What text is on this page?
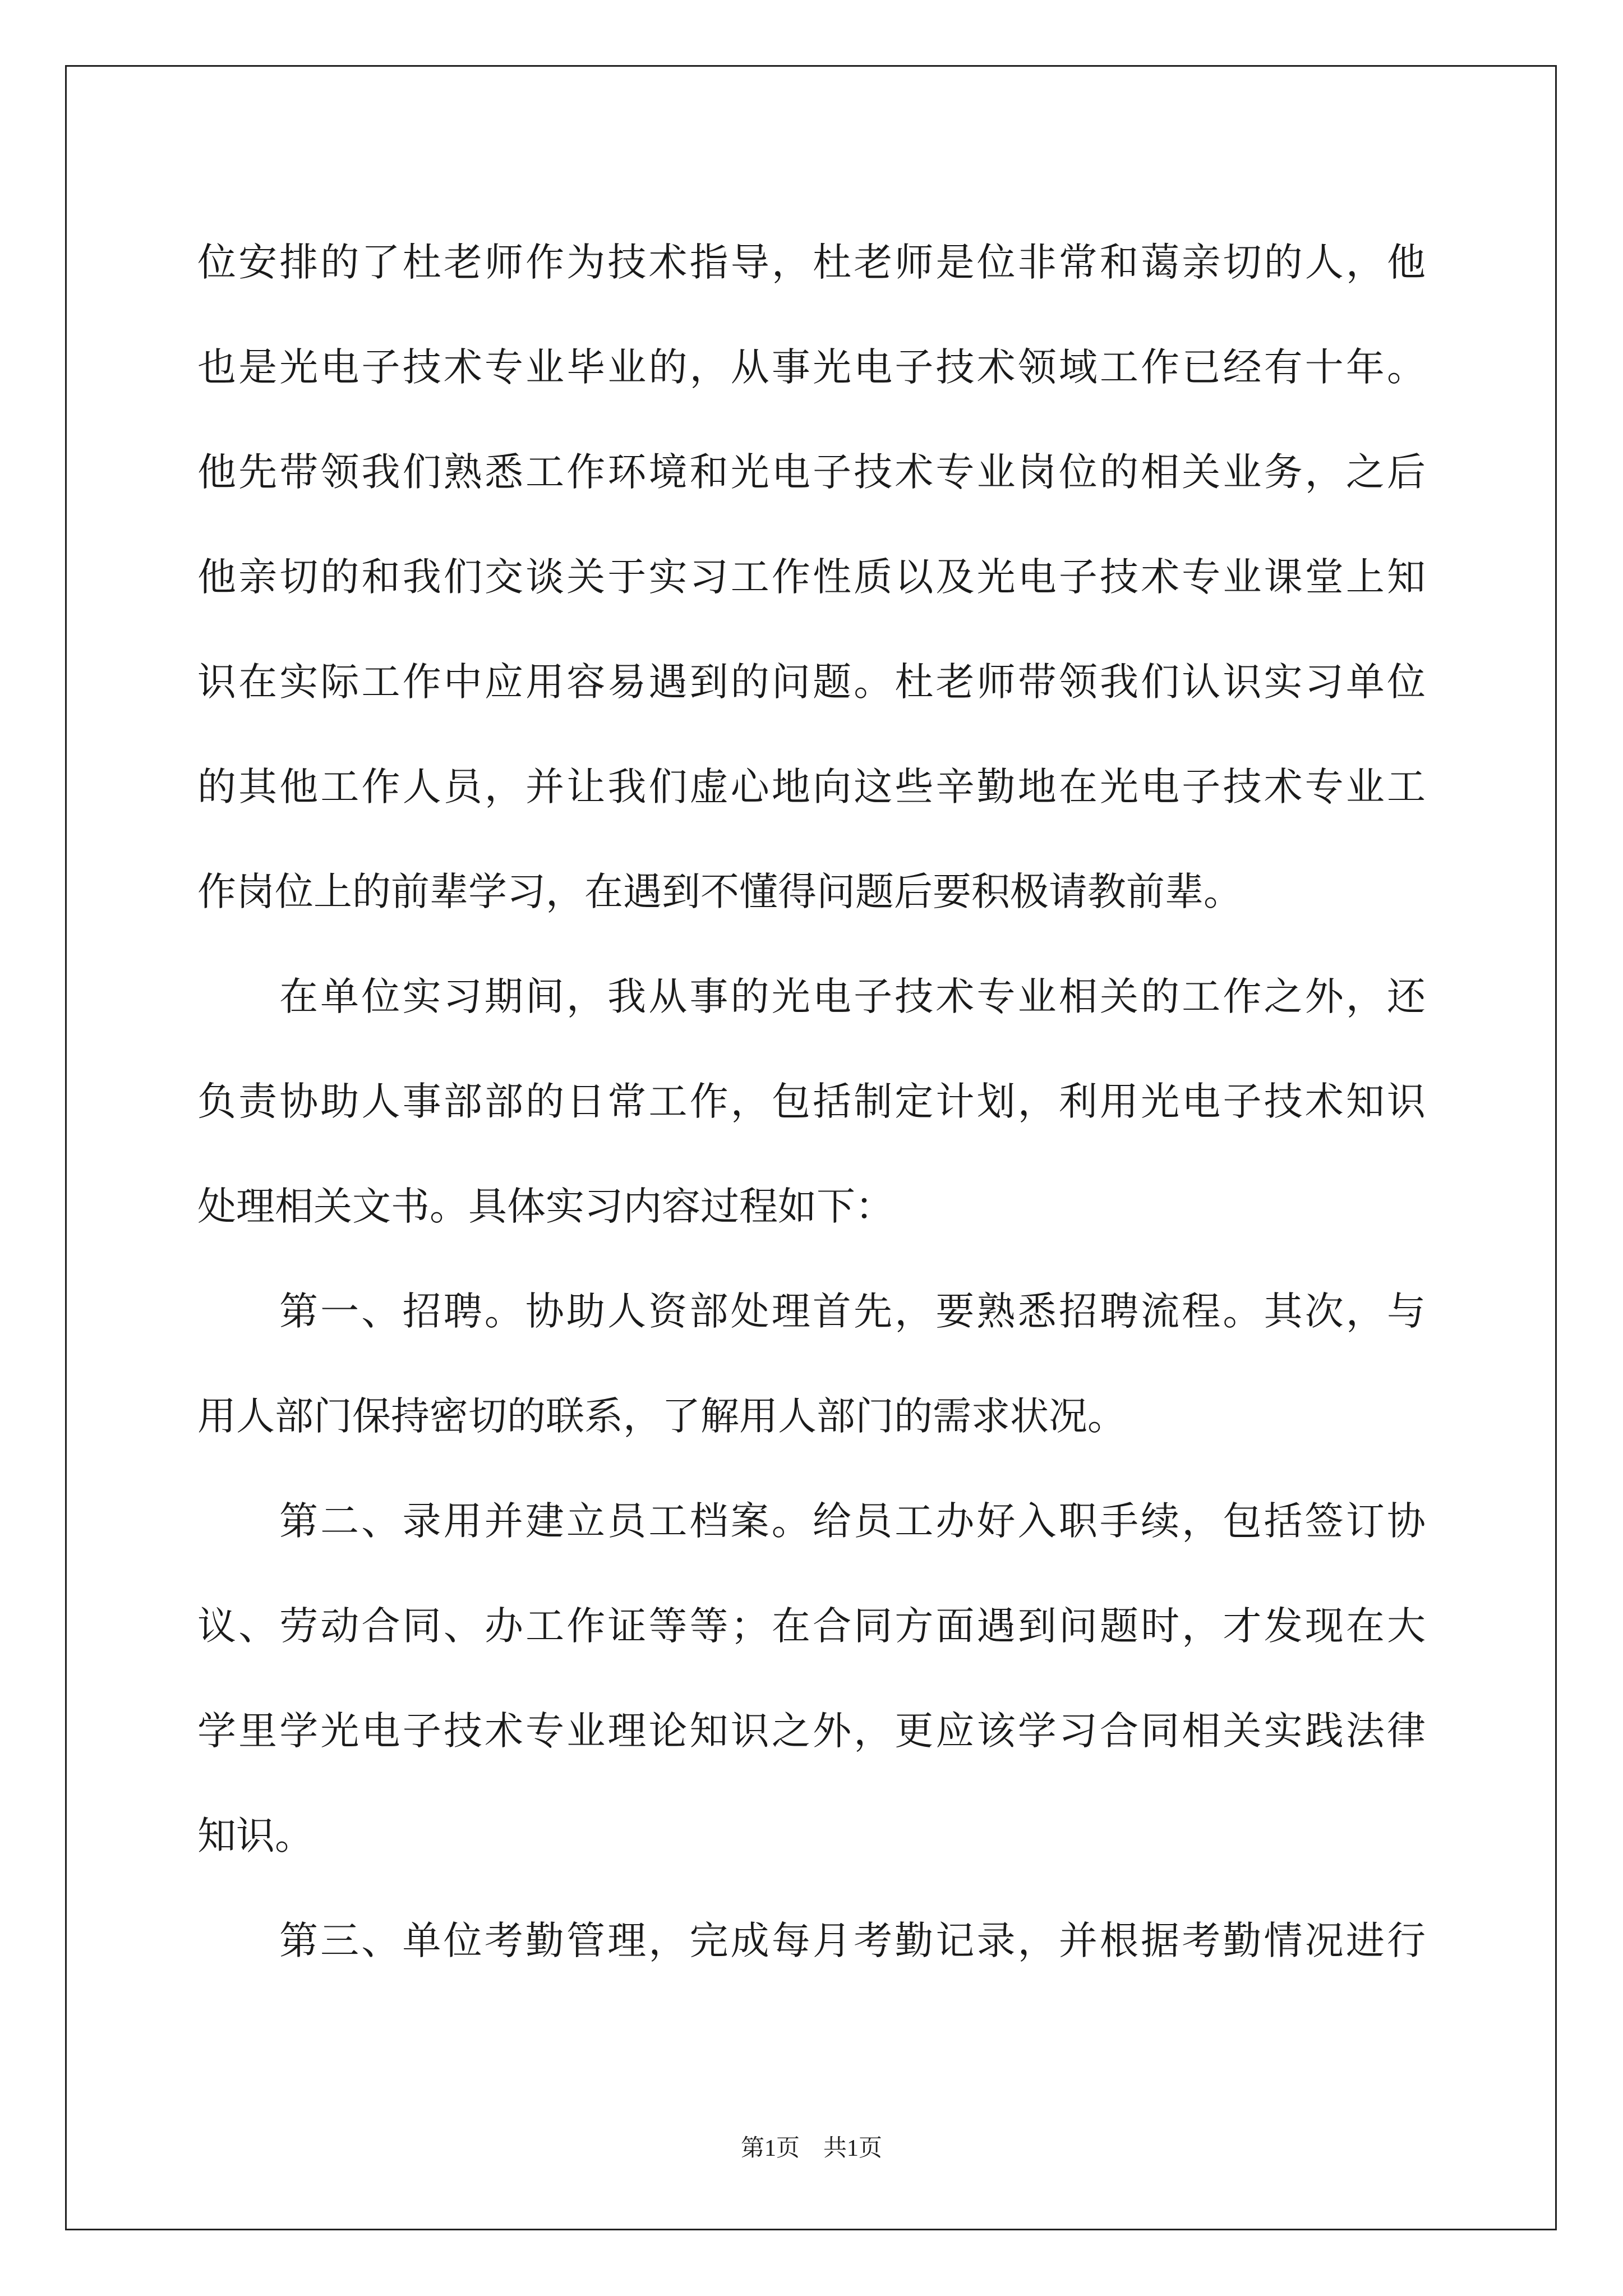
位安排的了杜老师作为技术指导，杜老师是位非常和蔼亲切的人，他
也是光电子技术专业毕业的，从事光电子技术领域工作已经有十年。
他先带领我们熟悉工作环境和光电子技术专业岗位的相关业务，之后
他亲切的和我们交谈关于实习工作性质以及光电子技术专业课堂上知
识在实际工作中应用容易遇到的问题。杜老师带领我们认识实习单位
的其他工作人员，并让我们虚心地向这些辛勤地在光电子技术专业工
作岗位上的前辈学习，在遇到不懂得问题后要积极请教前辈。
在单位实习期间，我从事的光电子技术专业相关的工作之外，还
负责协助人事部部的日常工作，包括制定计划，利用光电子技术知识
处理相关文书。具体实习内容过程如下：
第一、招聘。协助人资部处理首先，要熟悉招聘流程。其次，与
用人部门保持密切的联系，了解用人部门的需求状况。
第二、录用并建立员工档案。给员工办好入职手续，包括签订协
议、劳动合同、办工作证等等；在合同方面遇到问题时，才发现在大
学里学光电子技术专业理论知识之外，更应该学习合同相关实践法律
知识。
第三、单位考勤管理，完成每月考勤记录，并根据考勤情况进行
第1页　共1页
